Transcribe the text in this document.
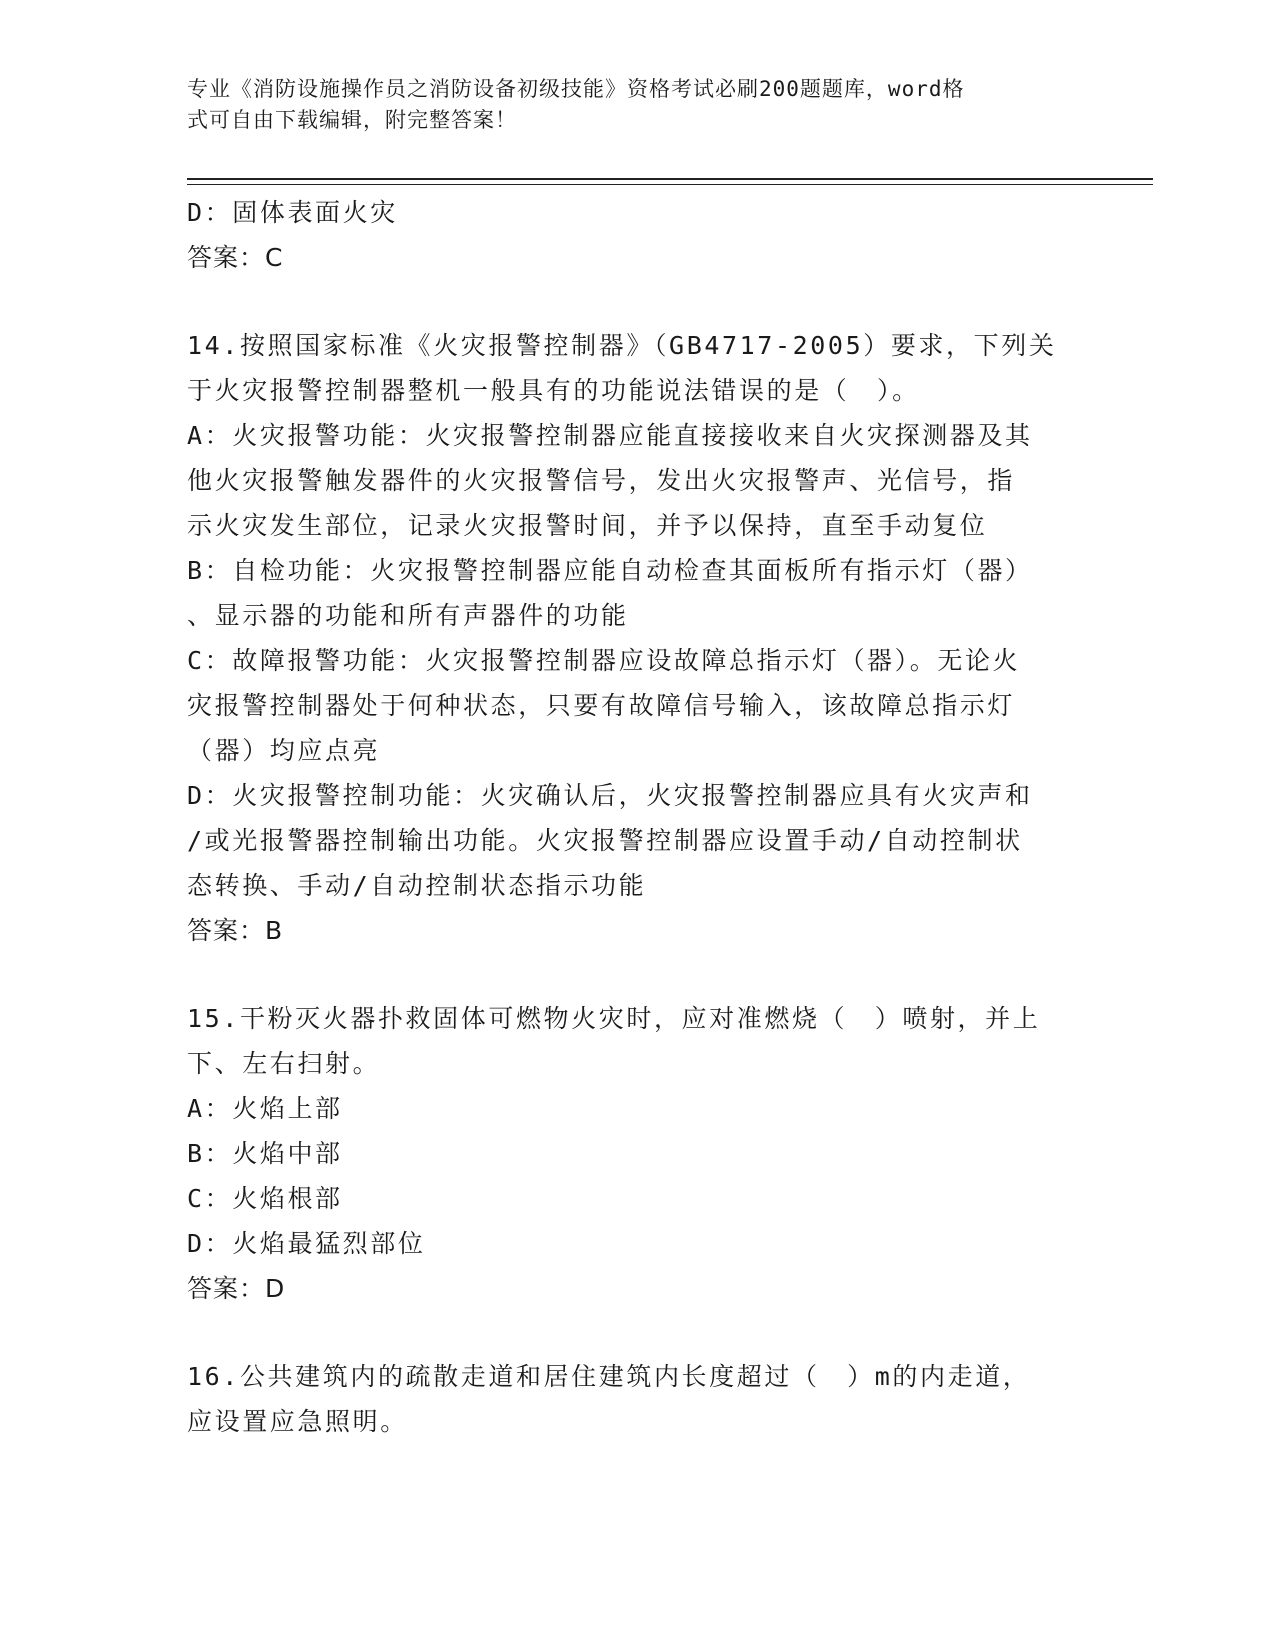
专业《消防设施操作员之消防设备初级技能》资格考试必刷200题题库，word格
式可自由下载编辑，附完整答案！
D：固体表面火灾
答案：C
14.按照国家标准《火灾报警控制器》（GB4717-2005）要求，下列关
于火灾报警控制器整机一般具有的功能说法错误的是（　）。
A：火灾报警功能：火灾报警控制器应能直接接收来自火灾探测器及其
他火灾报警触发器件的火灾报警信号，发出火灾报警声、光信号，指
示火灾发生部位，记录火灾报警时间，并予以保持，直至手动复位
B：自检功能：火灾报警控制器应能自动检查其面板所有指示灯（器）
、显示器的功能和所有声器件的功能
C：故障报警功能：火灾报警控制器应设故障总指示灯（器）。无论火
灾报警控制器处于何种状态，只要有故障信号输入，该故障总指示灯
（器）均应点亮
D：火灾报警控制功能：火灾确认后，火灾报警控制器应具有火灾声和
/或光报警器控制输出功能。火灾报警控制器应设置手动/自动控制状
态转换、手动/自动控制状态指示功能
答案：B
15.干粉灭火器扑救固体可燃物火灾时，应对准燃烧（　）喷射，并上
下、左右扫射。
A：火焰上部
B：火焰中部
C：火焰根部
D：火焰最猛烈部位
答案：D
16.公共建筑内的疏散走道和居住建筑内长度超过（　）m的内走道，
应设置应急照明。
